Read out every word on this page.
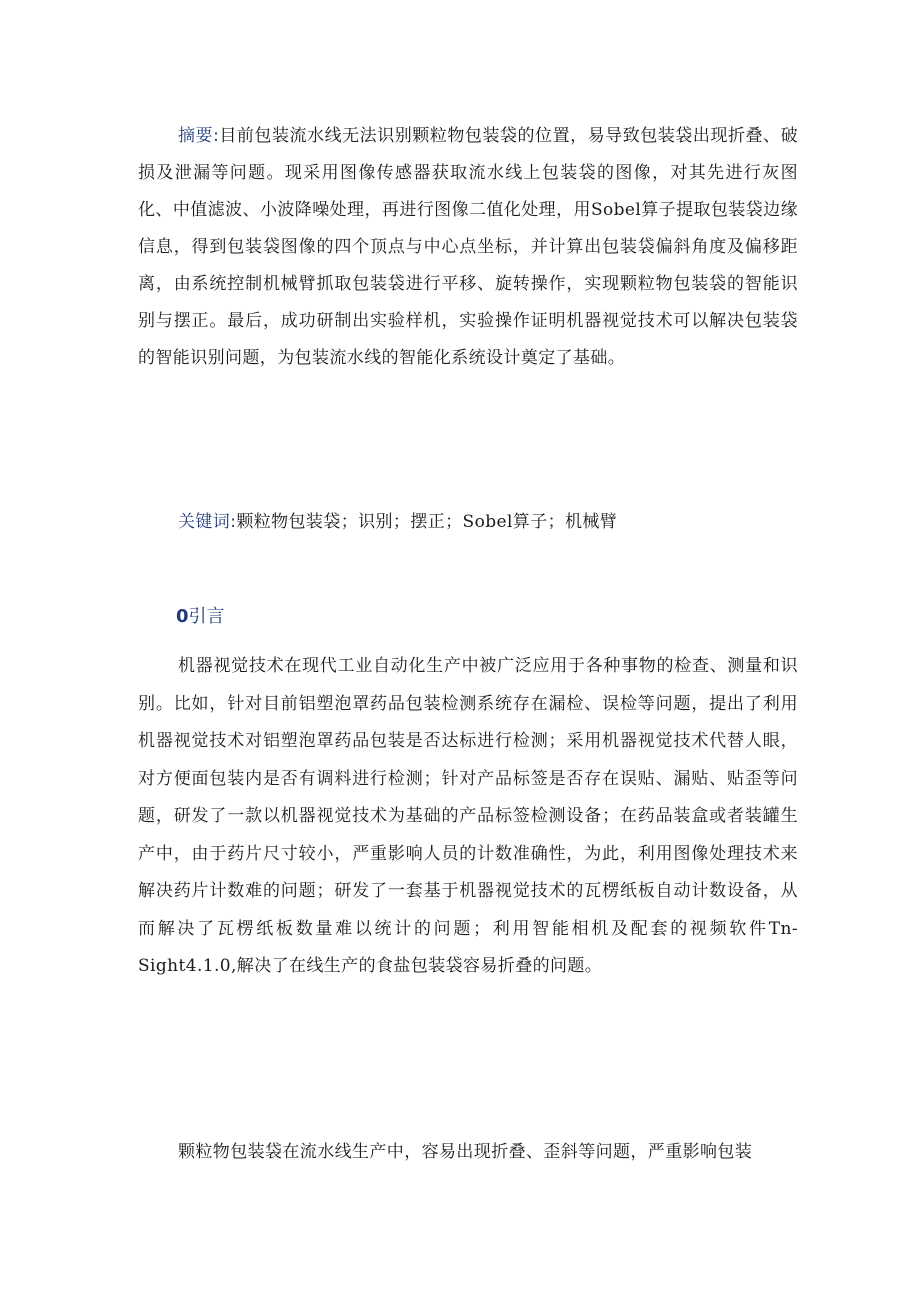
摘要:目前包装流水线无法识别颗粒物包装袋的位置，易导致包装袋出现折叠、破损及泄漏等问题。现采用图像传感器获取流水线上包装袋的图像，对其先进行灰图化、中值滤波、小波降噪处理，再进行图像二值化处理，用Sobel算子提取包装袋边缘信息，得到包装袋图像的四个顶点与中心点坐标，并计算出包装袋偏斜角度及偏移距离，由系统控制机械臂抓取包装袋进行平移、旋转操作，实现颗粒物包装袋的智能识别与摆正。最后，成功研制出实验样机，实验操作证明机器视觉技术可以解决包装袋的智能识别问题，为包装流水线的智能化系统设计奠定了基础。

关键词:颗粒物包装袋；识别；摆正；Sobel算子；机械臂

0引言

机器视觉技术在现代工业自动化生产中被广泛应用于各种事物的检查、测量和识别。比如，针对目前铝塑泡罩药品包装检测系统存在漏检、误检等问题，提出了利用机器视觉技术对铝塑泡罩药品包装是否达标进行检测；采用机器视觉技术代替人眼，对方便面包装内是否有调料进行检测；针对产品标签是否存在误贴、漏贴、贴歪等问题，研发了一款以机器视觉技术为基础的产品标签检测设备；在药品装盒或者装罐生产中，由于药片尺寸较小，严重影响人员的计数准确性，为此，利用图像处理技术来解决药片计数难的问题；研发了一套基于机器视觉技术的瓦楞纸板自动计数设备，从而解决了瓦楞纸板数量难以统计的问题；利用智能相机及配套的视频软件Tn-Sight4.1.0,解决了在线生产的食盐包装袋容易折叠的问题。

颗粒物包装袋在流水线生产中，容易出现折叠、歪斜等问题，严重影响包装
